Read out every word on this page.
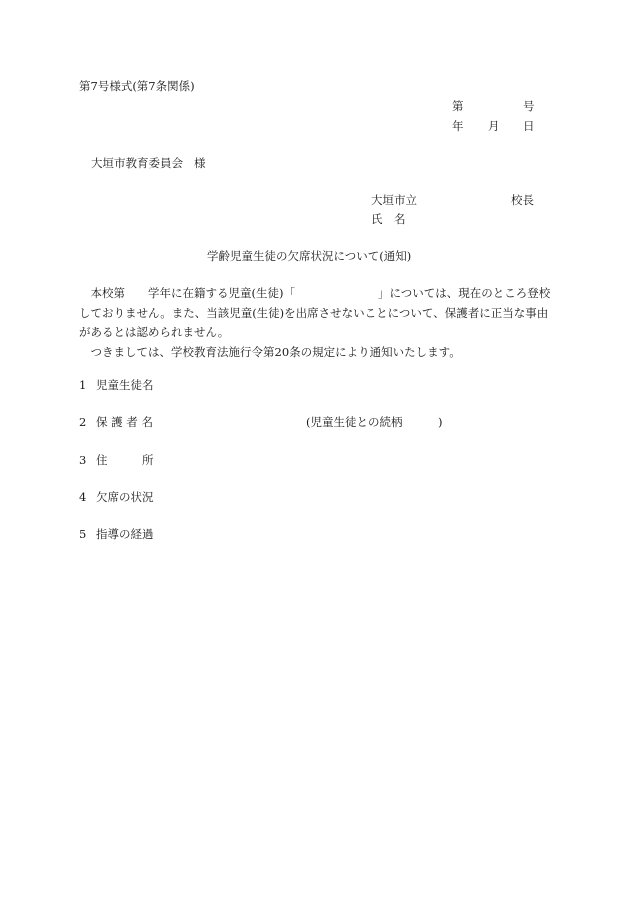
第7号様式(第7条関係)
第	号
年 月 日
大垣市教育委員会 様
大垣市立	校長
氏　名
学齢児童生徒の欠席状況について(通知)

本校第 学年に在籍する児童(生徒)「	」については、現在のところ登校しておりません。また、当該児童(生徒)を出席させないことについて、保護者に正当な事由があるとは認められません。

つきましては、学校教育法施行令第20条の規定により通知いたします。

1 児童生徒名
2 保 護 者 名	(児童生徒との続柄	)
3 住　　　所
4 欠席の状況
5 指導の経過
